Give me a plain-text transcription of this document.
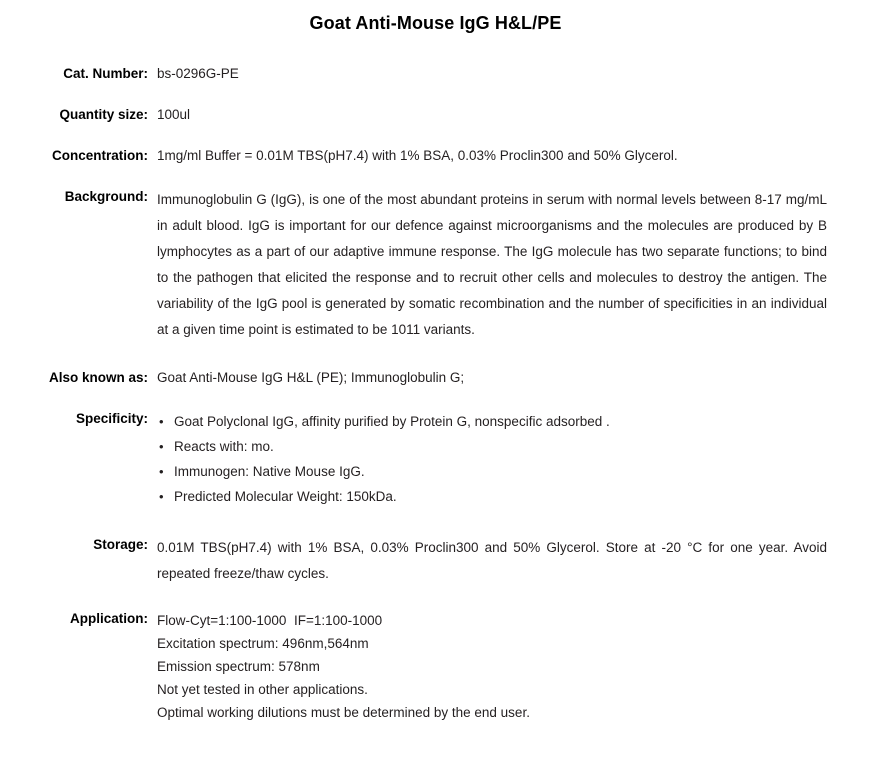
Goat Anti-Mouse IgG H&L/PE
Cat. Number: bs-0296G-PE
Quantity size: 100ul
Concentration: 1mg/ml Buffer = 0.01M TBS(pH7.4) with 1% BSA, 0.03% Proclin300 and 50% Glycerol.
Background: Immunoglobulin G (IgG), is one of the most abundant proteins in serum with normal levels between 8-17 mg/mL in adult blood. IgG is important for our defence against microorganisms and the molecules are produced by B lymphocytes as a part of our adaptive immune response. The IgG molecule has two separate functions; to bind to the pathogen that elicited the response and to recruit other cells and molecules to destroy the antigen. The variability of the IgG pool is generated by somatic recombination and the number of specificities in an individual at a given time point is estimated to be 1011 variants.
Also known as: Goat Anti-Mouse IgG H&L (PE); Immunoglobulin G;
Specificity:	• Goat Polyclonal IgG, affinity purified by Protein G, nonspecific adsorbed .
• Reacts with: mo.
• Immunogen: Native Mouse IgG.
• Predicted Molecular Weight: 150kDa.
Storage: 0.01M TBS(pH7.4) with 1% BSA, 0.03% Proclin300 and 50% Glycerol. Store at -20 °C for one year. Avoid repeated freeze/thaw cycles.
Application: Flow-Cyt=1:100-1000  IF=1:100-1000
Excitation spectrum: 496nm,564nm
Emission spectrum: 578nm
Not yet tested in other applications.
Optimal working dilutions must be determined by the end user.
